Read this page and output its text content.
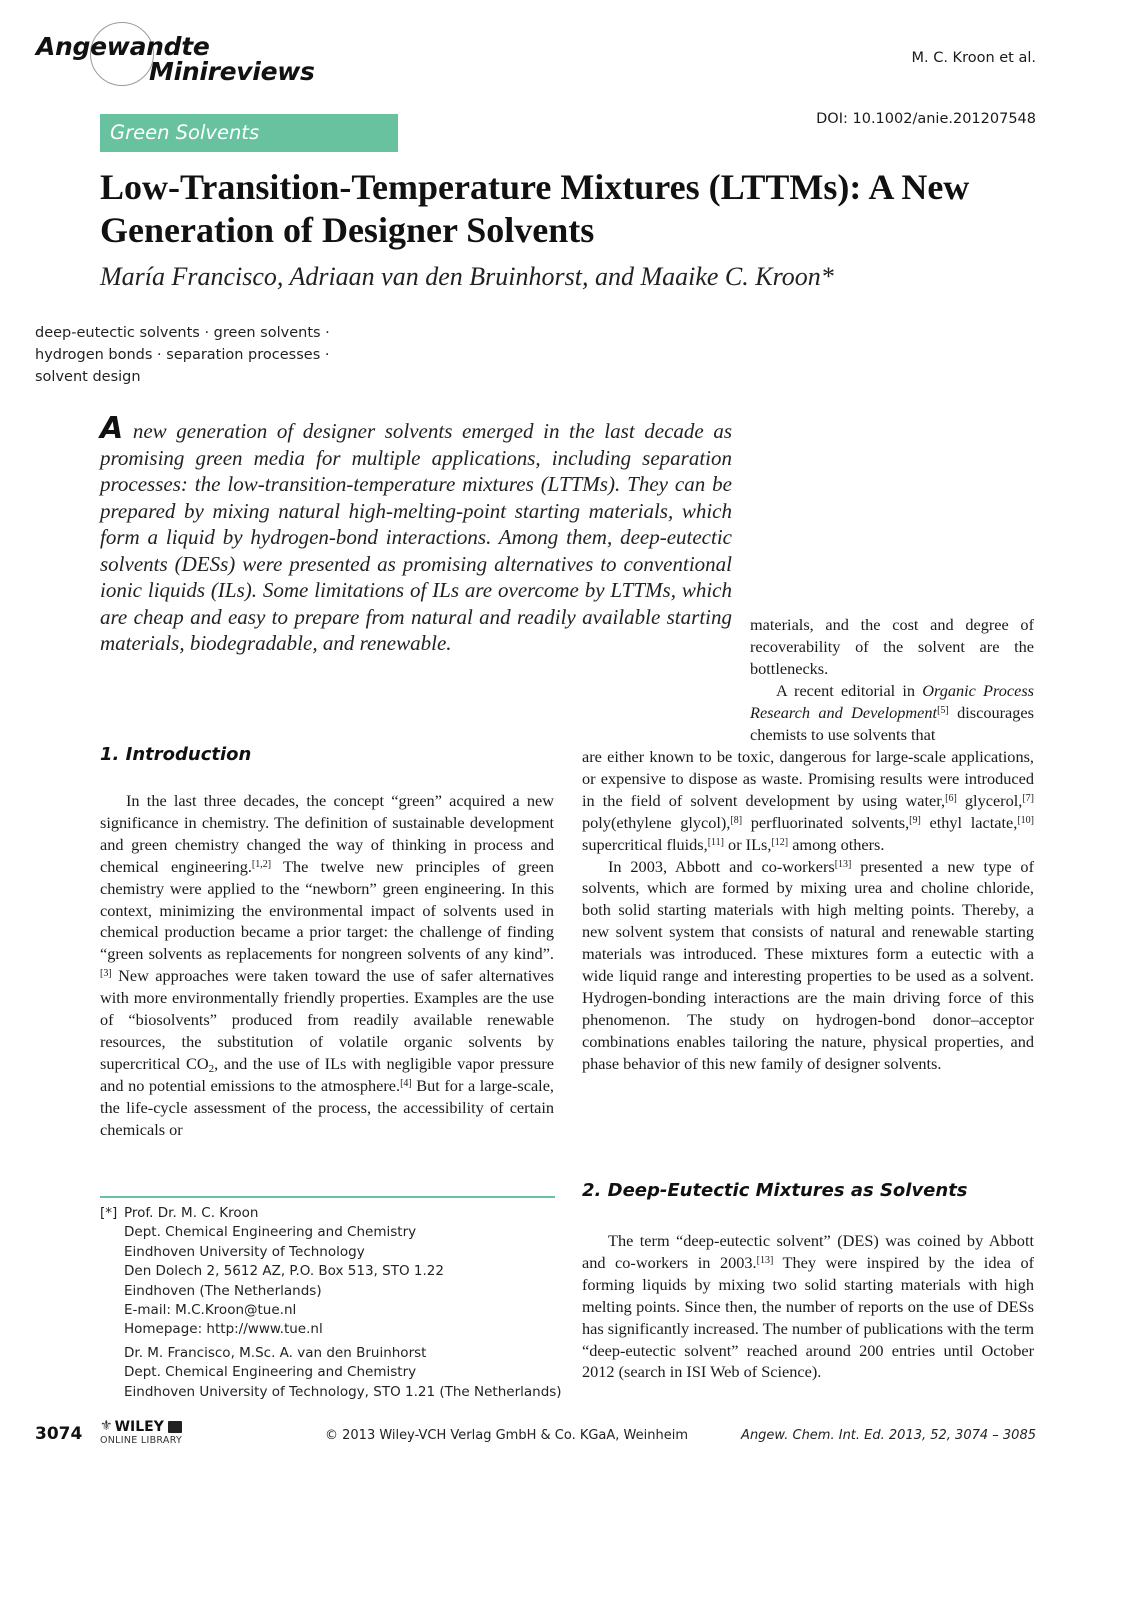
Angewandte
Minireviews	M. C. Kroon et al.
DOI: 10.1002/anie.201207548
Green Solvents
Low-Transition-Temperature Mixtures (LTTMs): A New Generation of Designer Solvents
María Francisco, Adriaan van den Bruinhorst, and Maaike C. Kroon*
deep-eutectic solvents · green solvents ·
hydrogen bonds · separation processes ·
solvent design
A new generation of designer solvents emerged in the last decade as promising green media for multiple applications, including separation processes: the low-transition-temperature mixtures (LTTMs). They can be prepared by mixing natural high-melting-point starting materials, which form a liquid by hydrogen-bond interactions. Among them, deep-eutectic solvents (DESs) were presented as promising alternatives to conventional ionic liquids (ILs). Some limitations of ILs are overcome by LTTMs, which are cheap and easy to prepare from natural and readily available starting materials, biodegradable, and renewable.

materials, and the cost and degree of recoverability of the solvent are the bottlenecks.

A recent editorial in Organic Process Research and Development[5] discourages chemists to use solvents that

1. Introduction

In the last three decades, the concept “green” acquired a new significance in chemistry. The definition of sustainable development and green chemistry changed the way of thinking in process and chemical engineering.[1,2] The twelve new principles of green chemistry were applied to the “newborn” green engineering. In this context, minimizing the environmental impact of solvents used in chemical production became a prior target: the challenge of finding “green solvents as replacements for nongreen solvents of any kind”.[3] New approaches were taken toward the use of safer alternatives with more environmentally friendly properties. Examples are the use of “biosolvents” produced from readily available renewable resources, the substitution of volatile organic solvents by supercritical $CO_2$, and the use of ILs with negligible vapor pressure and no potential emissions to the atmosphere.[4] But for a large-scale, the life-cycle assessment of the process, the accessibility of certain chemicals or

are either known to be toxic, dangerous for large-scale applications, or expensive to dispose as waste. Promising results were introduced in the field of solvent development by using water,[6] glycerol,[7] poly(ethylene glycol),[8] perfluorinated solvents,[9] ethyl lactate,[10] supercritical fluids,[11] or ILs,[12] among others.

In 2003, Abbott and co-workers[13] presented a new type of solvents, which are formed by mixing urea and choline chloride, both solid starting materials with high melting points. Thereby, a new solvent system that consists of natural and renewable starting materials was introduced. These mixtures form a eutectic with a wide liquid range and interesting properties to be used as a solvent. Hydrogen-bonding interactions are the main driving force of this phenomenon. The study on hydrogen-bond donor–acceptor combinations enables tailoring the nature, physical properties, and phase behavior of this new family of designer solvents.

2. Deep-Eutectic Mixtures as Solvents

The term “deep-eutectic solvent” (DES) was coined by Abbott and co-workers in 2003.[13] They were inspired by the idea of forming liquids by mixing two solid starting materials with high melting points. Since then, the number of reports on the use of DESs has significantly increased. The number of publications with the term “deep-eutectic solvent” reached around 200 entries until October 2012 (search in ISI Web of Science).

[*] Prof. Dr. M. C. Kroon
Dept. Chemical Engineering and Chemistry
Eindhoven University of Technology
Den Dolech 2, 5612 AZ, P.O. Box 513, STO 1.22
Eindhoven (The Netherlands)
E-mail: M.C.Kroon@tue.nl
Homepage: http://www.tue.nl
Dr. M. Francisco, M.Sc. A. van den Bruinhorst
Dept. Chemical Engineering and Chemistry
Eindhoven University of Technology, STO 1.21 (The Netherlands)
3074 ⚜ WILEY
ONLINE LIBRARY	© 2013 Wiley-VCH Verlag GmbH & Co. KGaA, Weinheim	Angew. Chem. Int. Ed. 2013, 52, 3074 – 3085
